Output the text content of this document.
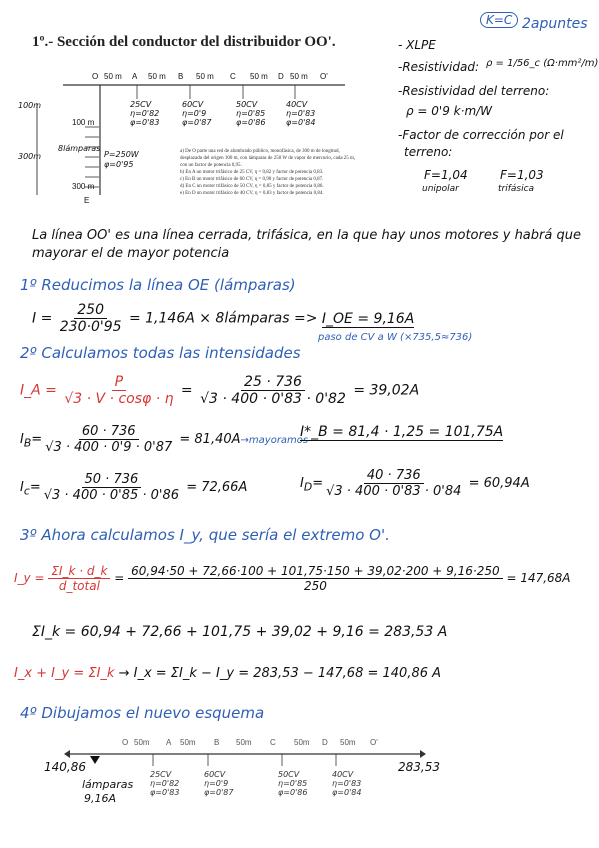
1º.- Sección del conductor del distribuidor OO'.
O 50 m A 50 m B 50 m C 50 m D 50 m O'
100m
300m
100 m
300 m
8lámparas
P=250W
φ=0'95
E
25CV
η=0'82
φ=0'83
60CV
η=0'9
φ=0'87
50CV
η=0'85
φ=0'86
40CV
η=0'83
φ=0'84
a) De O parte una red de alumbrado público, monofásica, de 300 m de longitud,
desplazado del origen 100 m, con lámparas de 250 W de vapor de mercurio, cada 25 m,
con un factor de potencia 0,95.
b) En A un motor trifásico de 25 CV, η = 0,82 y factor de potencia 0,83.
c) En B un motor trifásico de 60 CV, η = 0,90 y factor de potencia 0,87.
d) En C un motor trifásico de 50 CV, η = 0,85 y factor de potencia 0,86.
e) En D un motor trifásico de 40 CV, η = 0,83 y factor de potencia 0,84.
K=C 2apuntes
- XLPE
-Resistividad: ρ = 1/56_c (Ω·mm²/m)
-Resistividad del terreno:
ρ = 0'9 k·m/W
-Factor de corrección por el
terreno:
F=1,04
unipolar
F=1,03
trifásica
La línea OO' es una línea cerrada, trifásica, en la que hay unos motores y habrá que
mayorar el de mayor potencia
1º Reducimos la línea OE (lámparas)
$I = \frac{250}{230\cdot 0'95} = 1,146A$ × 8lámparas => I_OE = 9,16A
2º Calculamos todas las intensidades
paso de CV a W (×735,5≈736)
I_A = $\frac{P}{√3 \cdot V \cdot \cos\varphi \cdot \eta} = \frac{25 \cdot 736}{√3 \cdot 400 \cdot 0'83 \cdot 0'82} = 39,02A$
$I_B= \frac{60 \cdot 736}{√3 \cdot 400 \cdot 0'9 \cdot 0'87}$ = 81,40A→mayoramos
I*_B = 81,4 · 1,25 = 101,75A
$I_c= \frac{50 \cdot 736}{√3 \cdot 400 \cdot 0'85 \cdot 0'86} = 72,66A$	$I_D= \frac{40 \cdot 736}{√3 \cdot 400 \cdot 0'83 \cdot 0'84} = 60,94A$
3º Ahora calculamos I_y, que sería el extremo O'.
I_y = $\frac{\Sigma I\_k \cdot d\_k}{\text{d\_total}} = \frac{60,94\cdot 50 + 72,66\cdot 100 + 101,75\cdot 150 + 39,02\cdot 200 + 9,16\cdot 250}{250} = 147,68A$
ΣI_k = 60,94 + 72,66 + 101,75 + 39,02 + 9,16 = 283,53 A
I_x + I_y = ΣI_k → I_x = ΣI_k − I_y = 283,53 − 147,68 = 140,86 A
4º Dibujamos el nuevo esquema
O 50m A 50m B 50m C 50m D 50m O'
140,86	283,53
lámparas
9,16A
25CV
η=0'82
φ=0'83
60CV
η=0'9
φ=0'87
50CV
η=0'85
φ=0'86
40CV
η=0'83
φ=0'84
